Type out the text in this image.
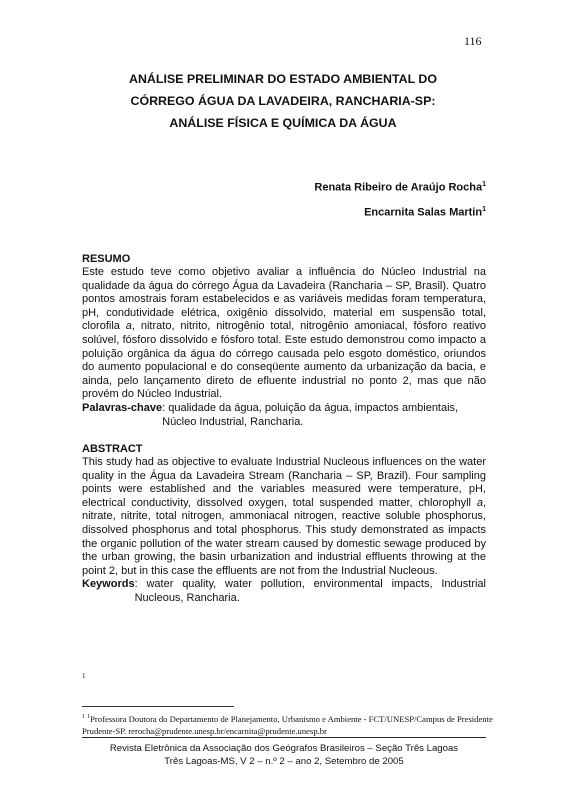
116
ANÁLISE PRELIMINAR DO ESTADO AMBIENTAL DO
CÓRREGO ÁGUA DA LAVADEIRA, RANCHARIA-SP:
ANÁLISE FÍSICA E QUÍMICA DA ÁGUA
Renata Ribeiro de Araújo Rocha$^1$
Encarnita Salas Martin$^1$
RESUMO

Este estudo teve como objetivo avaliar a influência do Núcleo Industrial na qualidade da água do córrego Água da Lavadeira (Rancharia – SP, Brasil). Quatro pontos amostrais foram estabelecidos e as variáveis medidas foram temperatura, pH, condutividade elétrica, oxigênio dissolvido, material em suspensão total, clorofila a, nitrato, nitrito, nitrogênio total, nitrogênio amoniacal, fósforo reativo solúvel, fósforo dissolvido e fósforo total. Este estudo demonstrou como impacto a poluição orgânica da água do córrego causada pelo esgoto doméstico, oriundos do aumento populacional e do conseqüente aumento da urbanização da bacia, e ainda, pelo lançamento direto de efluente industrial no ponto 2, mas que não provém do Núcleo Industrial.

Palavras-chave : qualidade da água, poluição da água, impactos ambientais, Núcleo Industrial, Rancharia.
ABSTRACT

This study had as objective to evaluate Industrial Nucleous influences on the water quality in the Água da Lavadeira Stream (Rancharia – SP, Brazil). Four sampling points were established and the variables measured were temperature, pH, electrical conductivity, dissolved oxygen, total suspended matter, chlorophyll a, nitrate, nitrite, total nitrogen, ammoniacal nitrogen, reactive soluble phosphorus, dissolved phosphorus and total phosphorus. This study demonstrated as impacts the organic pollution of the water stream caused by domestic sewage produced by the urban growing, the basin urbanization and industrial effluents throwing at the point 2, but in this case the effluents are not from the Industrial Nucleous.

Keywords : water quality, water pollution, environmental impacts, Industrial Nucleous, Rancharia.
1
$^1$ $^1$Professora Doutora do Departamento de Planejamento, Urbanismo e Ambiente - FCT/UNESP/Campus de Presidente Prudente-SP. rerocha@prudente.unesp.br/encarnita@prudente.unesp.br
Revista Eletrônica da Associação dos Geógrafos Brasileiros – Seção Três Lagoas
Três Lagoas-MS, V 2 – n.º 2 – ano 2, Setembro de 2005
